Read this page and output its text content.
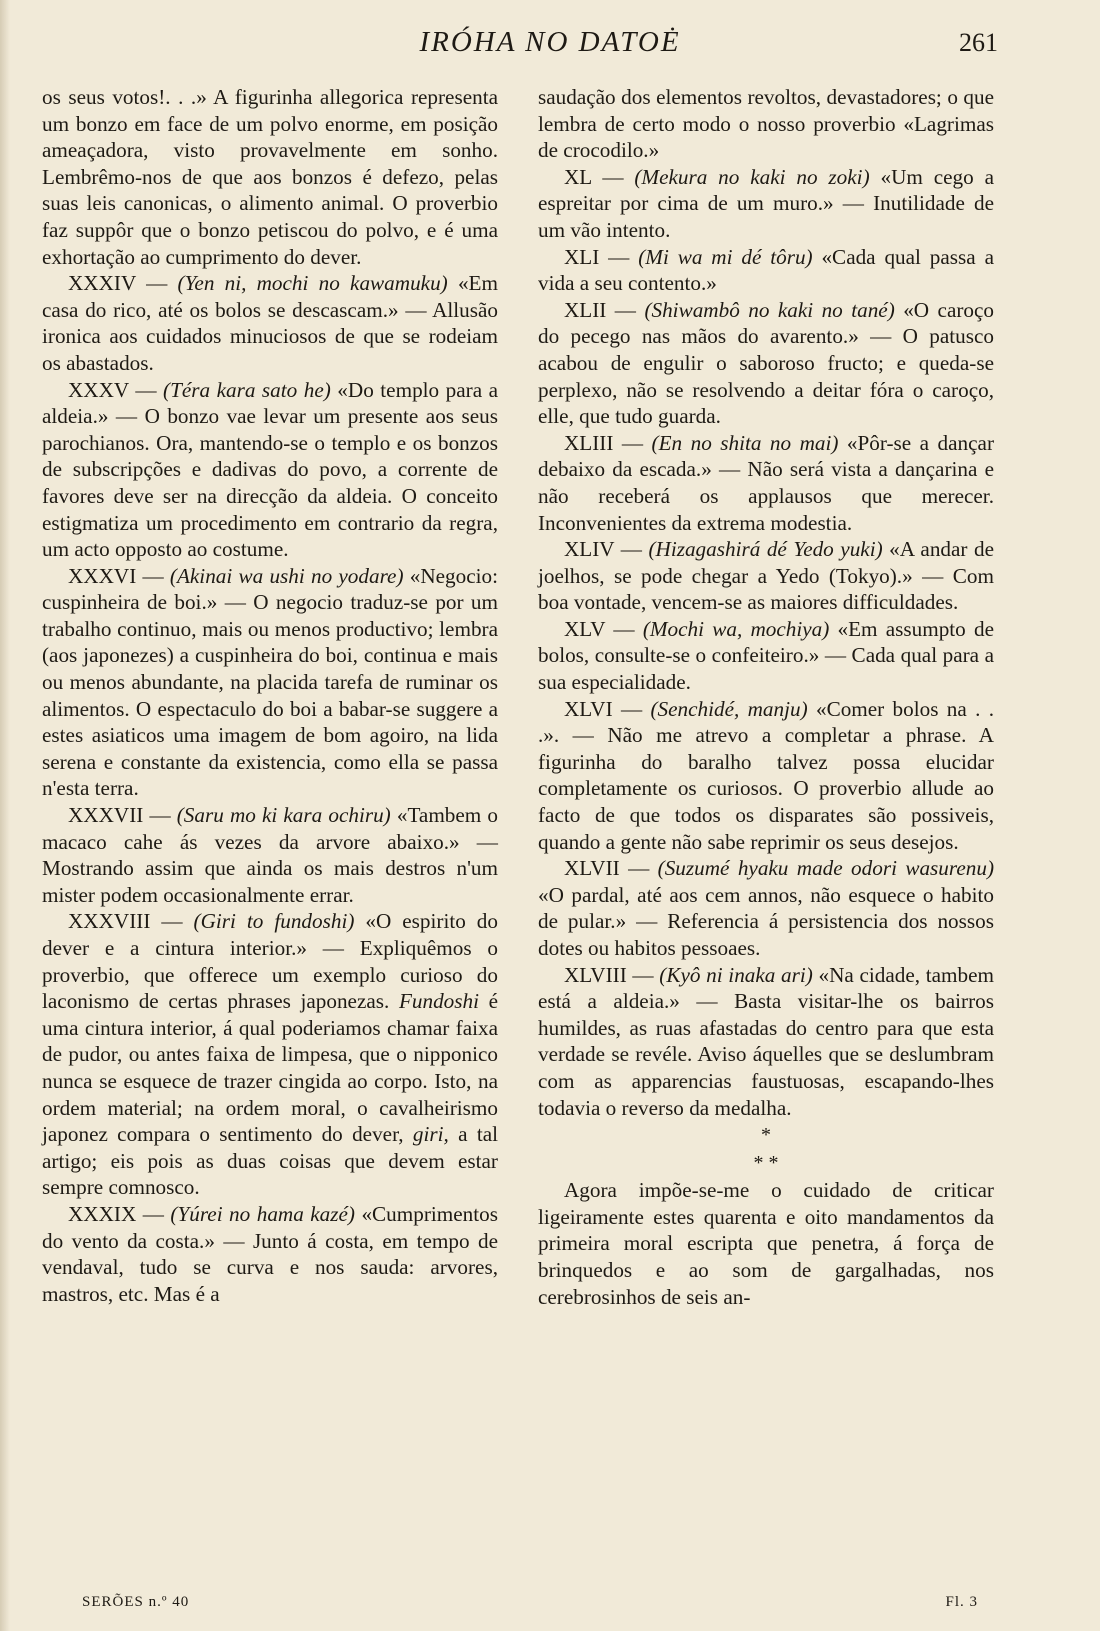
IRÓHA NO DATOĖ	261

os seus votos!. . .» A figurinha allegorica representa um bonzo em face de um polvo enorme, em posição ameaçadora, visto provavelmente em sonho. Lembrêmo-nos de que aos bonzos é defezo, pelas suas leis canonicas, o alimento animal. O proverbio faz suppôr que o bonzo petiscou do polvo, e é uma exhortação ao cumprimento do dever.

XXXIV — (Yen ni, mochi no kawamuku) «Em casa do rico, até os bolos se descascam.» — Allusão ironica aos cuidados minuciosos de que se rodeiam os abastados.

XXXV — (Téra kara sato he) «Do templo para a aldeia.» — O bonzo vae levar um presente aos seus parochianos. Ora, mantendo-se o templo e os bonzos de subscripções e dadivas do povo, a corrente de favores deve ser na direcção da aldeia. O conceito estigmatiza um procedimento em contrario da regra, um acto opposto ao costume.

XXXVI — (Akinai wa ushi no yodare) «Negocio: cuspinheira de boi.» — O negocio traduz-se por um trabalho continuo, mais ou menos productivo; lembra (aos japonezes) a cuspinheira do boi, continua e mais ou menos abundante, na placida tarefa de ruminar os alimentos. O espectaculo do boi a babar-se suggere a estes asiaticos uma imagem de bom agoiro, na lida serena e constante da existencia, como ella se passa n'esta terra.

XXXVII — (Saru mo ki kara ochiru) «Tambem o macaco cahe ás vezes da arvore abaixo.» — Mostrando assim que ainda os mais destros n'um mister podem occasionalmente errar.

XXXVIII — (Giri to fundoshi) «O espirito do dever e a cintura interior.» — Expliquêmos o proverbio, que offerece um exemplo curioso do laconismo de certas phrases japonezas. Fundoshi é uma cintura interior, á qual poderiamos chamar faixa de pudor, ou antes faixa de limpesa, que o nipponico nunca se esquece de trazer cingida ao corpo. Isto, na ordem material; na ordem moral, o cavalheirismo japonez compara o sentimento do dever, giri, a tal artigo; eis pois as duas coisas que devem estar sempre comnosco.

XXXIX — (Yúrei no hama kazé) «Cumprimentos do vento da costa.» — Junto á costa, em tempo de vendaval, tudo se curva e nos sauda: arvores, mastros, etc. Mas é a

saudação dos elementos revoltos, devastadores; o que lembra de certo modo o nosso proverbio «Lagrimas de crocodilo.»

XL — (Mekura no kaki no zoki) «Um cego a espreitar por cima de um muro.» — Inutilidade de um vão intento.

XLI — (Mi wa mi dé tôru) «Cada qual passa a vida a seu contento.»

XLII — (Shiwambô no kaki no tané) «O caroço do pecego nas mãos do avarento.» — O patusco acabou de engulir o saboroso fructo; e queda-se perplexo, não se resolvendo a deitar fóra o caroço, elle, que tudo guarda.

XLIII — (En no shita no mai) «Pôr-se a dançar debaixo da escada.» — Não será vista a dançarina e não receberá os applausos que merecer. Inconvenientes da extrema modestia.

XLIV — (Hizagashirá dé Yedo yuki) «A andar de joelhos, se pode chegar a Yedo (Tokyo).» — Com boa vontade, vencem-se as maiores difficuldades.

XLV — (Mochi wa, mochiya) «Em assumpto de bolos, consulte-se o confeiteiro.» — Cada qual para a sua especialidade.

XLVI — (Senchidé, manju) «Comer bolos na . . .». — Não me atrevo a completar a phrase. A figurinha do baralho talvez possa elucidar completamente os curiosos. O proverbio allude ao facto de que todos os disparates são possiveis, quando a gente não sabe reprimir os seus desejos.

XLVII — (Suzumé hyaku made odori wasurenu) «O pardal, até aos cem annos, não esquece o habito de pular.» — Referencia á persistencia dos nossos dotes ou habitos pessoaes.

XLVIII — (Kyô ni inaka ari) «Na cidade, tambem está a aldeia.» — Basta visitar-lhe os bairros humildes, as ruas afastadas do centro para que esta verdade se revéle. Aviso áquelles que se deslumbram com as apparencias faustuosas, escapando-lhes todavia o reverso da medalha.

*
* *

Agora impõe-se-me o cuidado de criticar ligeiramente estes quarenta e oito mandamentos da primeira moral escripta que penetra, á força de brinquedos e ao som de gargalhadas, nos cerebrosinhos de seis an-

SERÕES n.º 40	Fl. 3
